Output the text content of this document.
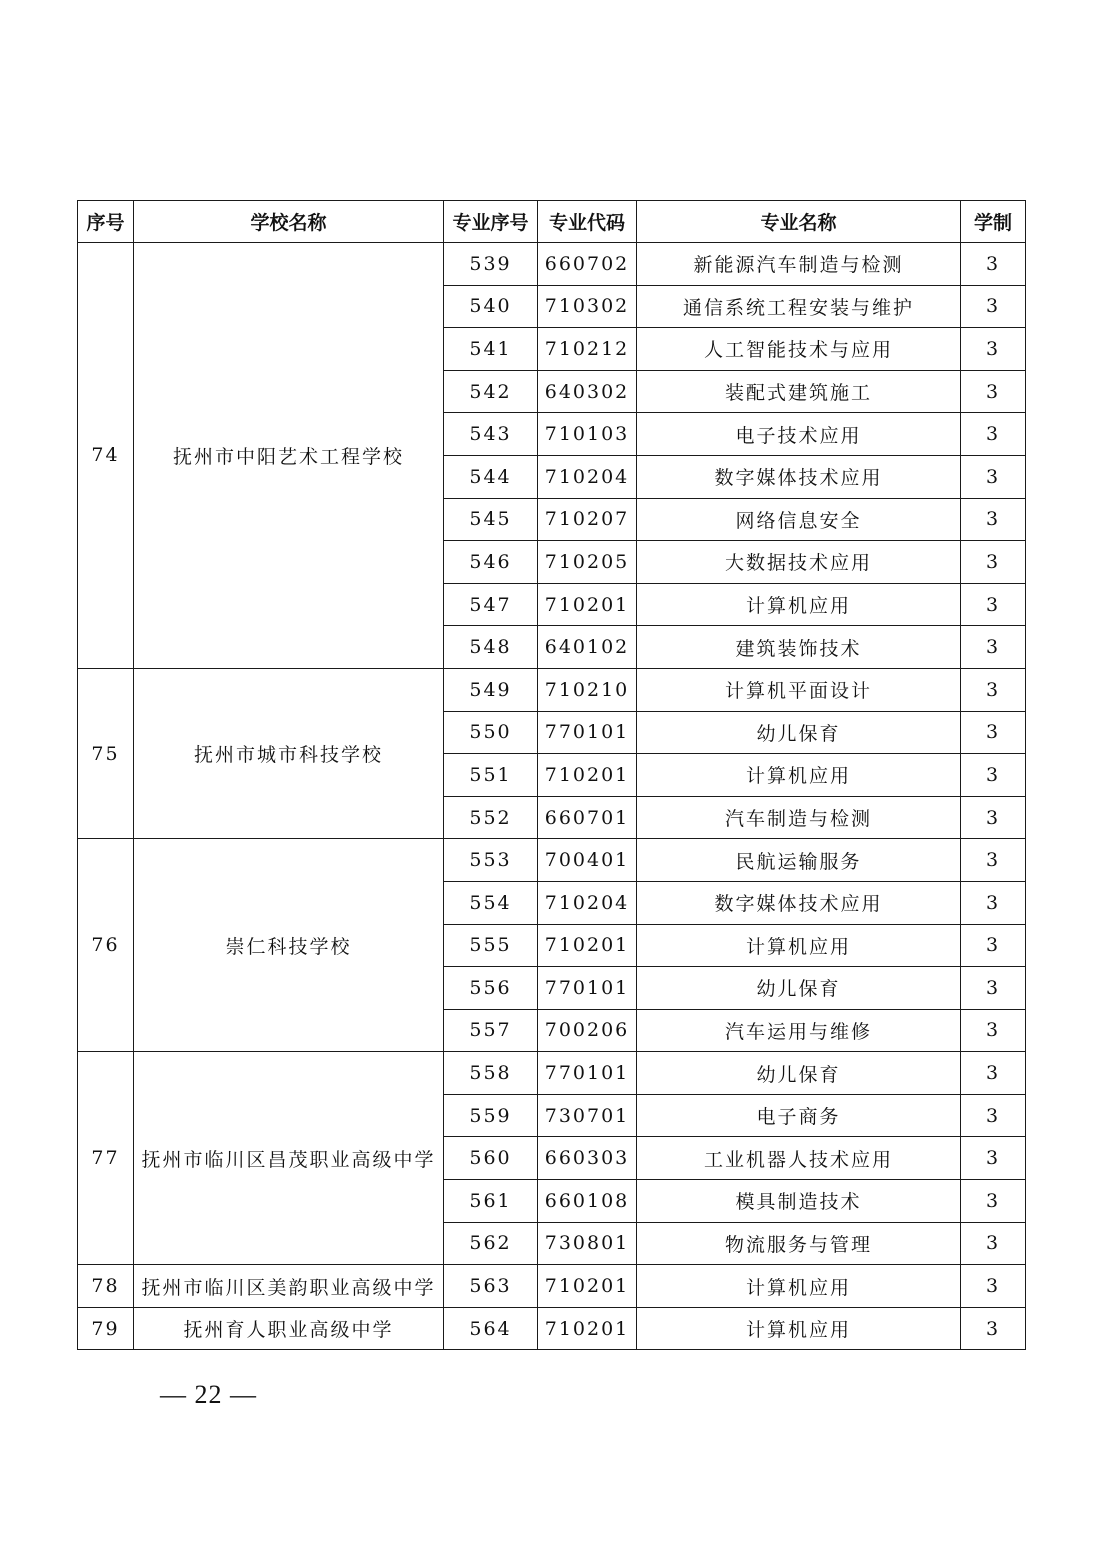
序号	学校名称	专业序号	专业代码	专业名称	学制
74	抚州市中阳艺术工程学校	539	660702	新能源汽车制造与检测	3
		540	710302	通信系统工程安装与维护	3
		541	710212	人工智能技术与应用	3
		542	640302	装配式建筑施工	3
		543	710103	电子技术应用	3
		544	710204	数字媒体技术应用	3
		545	710207	网络信息安全	3
		546	710205	大数据技术应用	3
		547	710201	计算机应用	3
		548	640102	建筑装饰技术	3
75	抚州市城市科技学校	549	710210	计算机平面设计	3
		550	770101	幼儿保育	3
		551	710201	计算机应用	3
		552	660701	汽车制造与检测	3
76	崇仁科技学校	553	700401	民航运输服务	3
		554	710204	数字媒体技术应用	3
		555	710201	计算机应用	3
		556	770101	幼儿保育	3
		557	700206	汽车运用与维修	3
77	抚州市临川区昌茂职业高级中学	558	770101	幼儿保育	3
		559	730701	电子商务	3
		560	660303	工业机器人技术应用	3
		561	660108	模具制造技术	3
		562	730801	物流服务与管理	3
78	抚州市临川区美韵职业高级中学	563	710201	计算机应用	3
79	抚州育人职业高级中学	564	710201	计算机应用	3
— 22 —
